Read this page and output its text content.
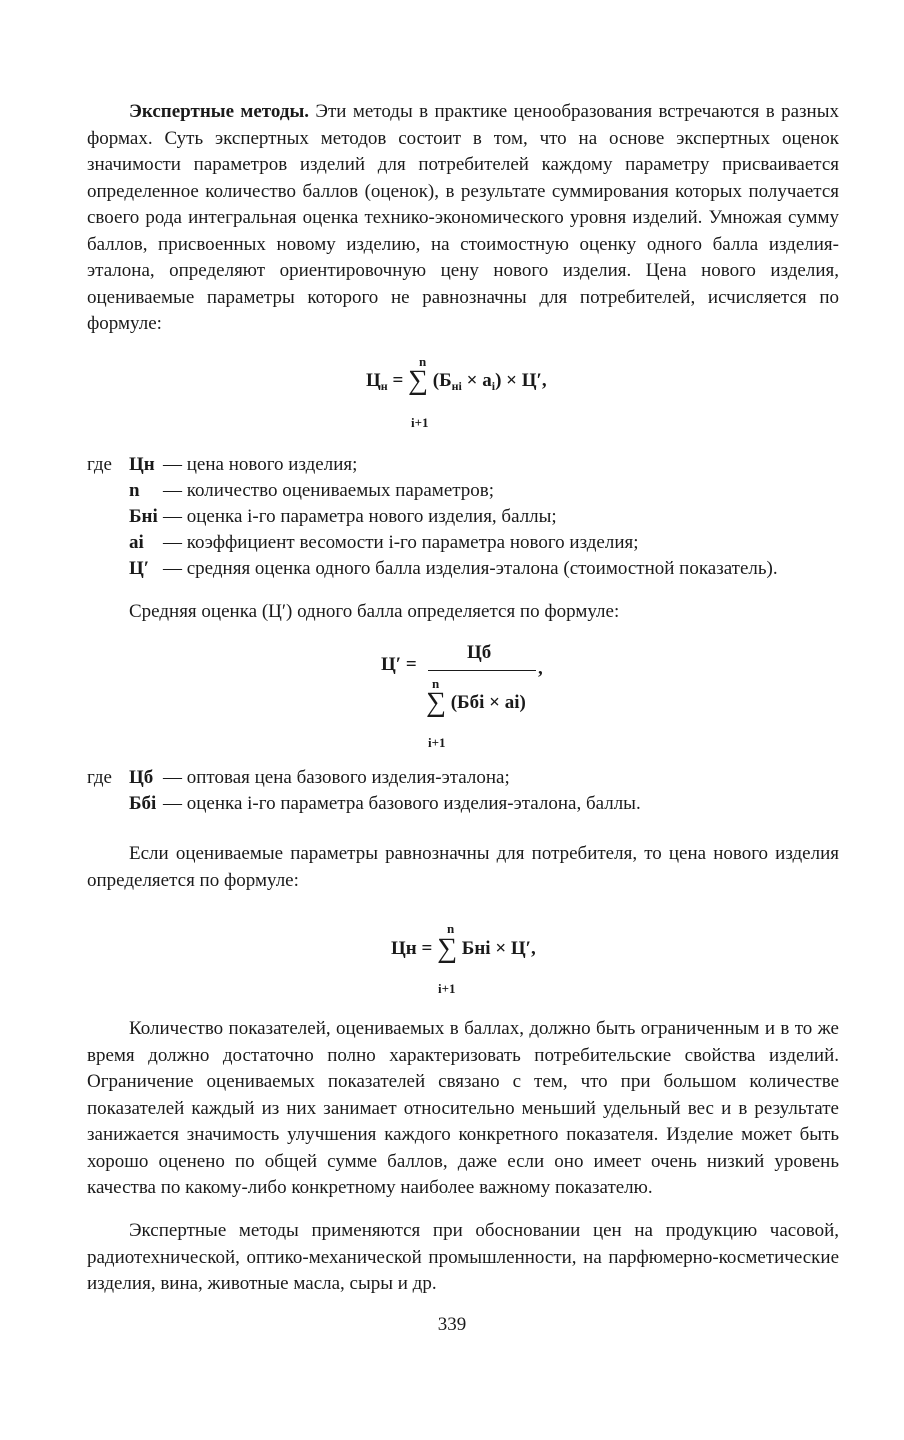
Экспертные методы. Эти методы в практике ценообразования встречаются в разных формах. Суть экспертных методов состоит в том, что на основе экспертных оценок значимости параметров изделий для потребителей каждому параметру присваивается определенное количество баллов (оценок), в результате суммирования которых получается своего рода интегральная оценка технико-экономического уровня изделий. Умножая сумму баллов, присвоенных новому изделию, на стоимостную оценку одного балла изделия-эталона, определяют ориентировочную цену нового изделия. Цена нового изделия, оцениваемые параметры которого не равнозначны для потребителей, исчисляется по формуле:

n
Цн = ∑ (Бнi × ai) × Ц′,
i+1
где Цн — цена нового изделия;
n	— количество оцениваемых параметров;
Бнi — оценка i-го параметра нового изделия, баллы;
ai	— коэффициент весомости i-го параметра нового изделия;
Ц′ — средняя оценка одного балла изделия-эталона (стоимостной показатель).
Средняя оценка (Ц′) одного балла определяется по формуле:
Ц′ =
Цб
,
n
∑ (Ббi × ai)
i+1
где Цб — оптовая цена базового изделия-эталона;
Ббi — оценка i-го параметра базового изделия-эталона, баллы.

Если оцениваемые параметры равнозначны для потребителя, то цена нового изделия определяется по формуле:

n
Цн = ∑ Бнi × Ц′,
i+1

Количество показателей, оцениваемых в баллах, должно быть ограниченным и в то же время должно достаточно полно характеризовать потребительские свойства изделий. Ограничение оцениваемых показателей связано с тем, что при большом количестве показателей каждый из них занимает относительно меньший удельный вес и в результате занижается значимость улучшения каждого конкретного показателя. Изделие может быть хорошо оценено по общей сумме баллов, даже если оно имеет очень низкий уровень качества по какому-либо конкретному наиболее важному показателю.

Экспертные методы применяются при обосновании цен на продукцию часовой, радиотехнической, оптико-механической промышленности, на парфюмерно-косметические изделия, вина, животные масла, сыры и др.

339
